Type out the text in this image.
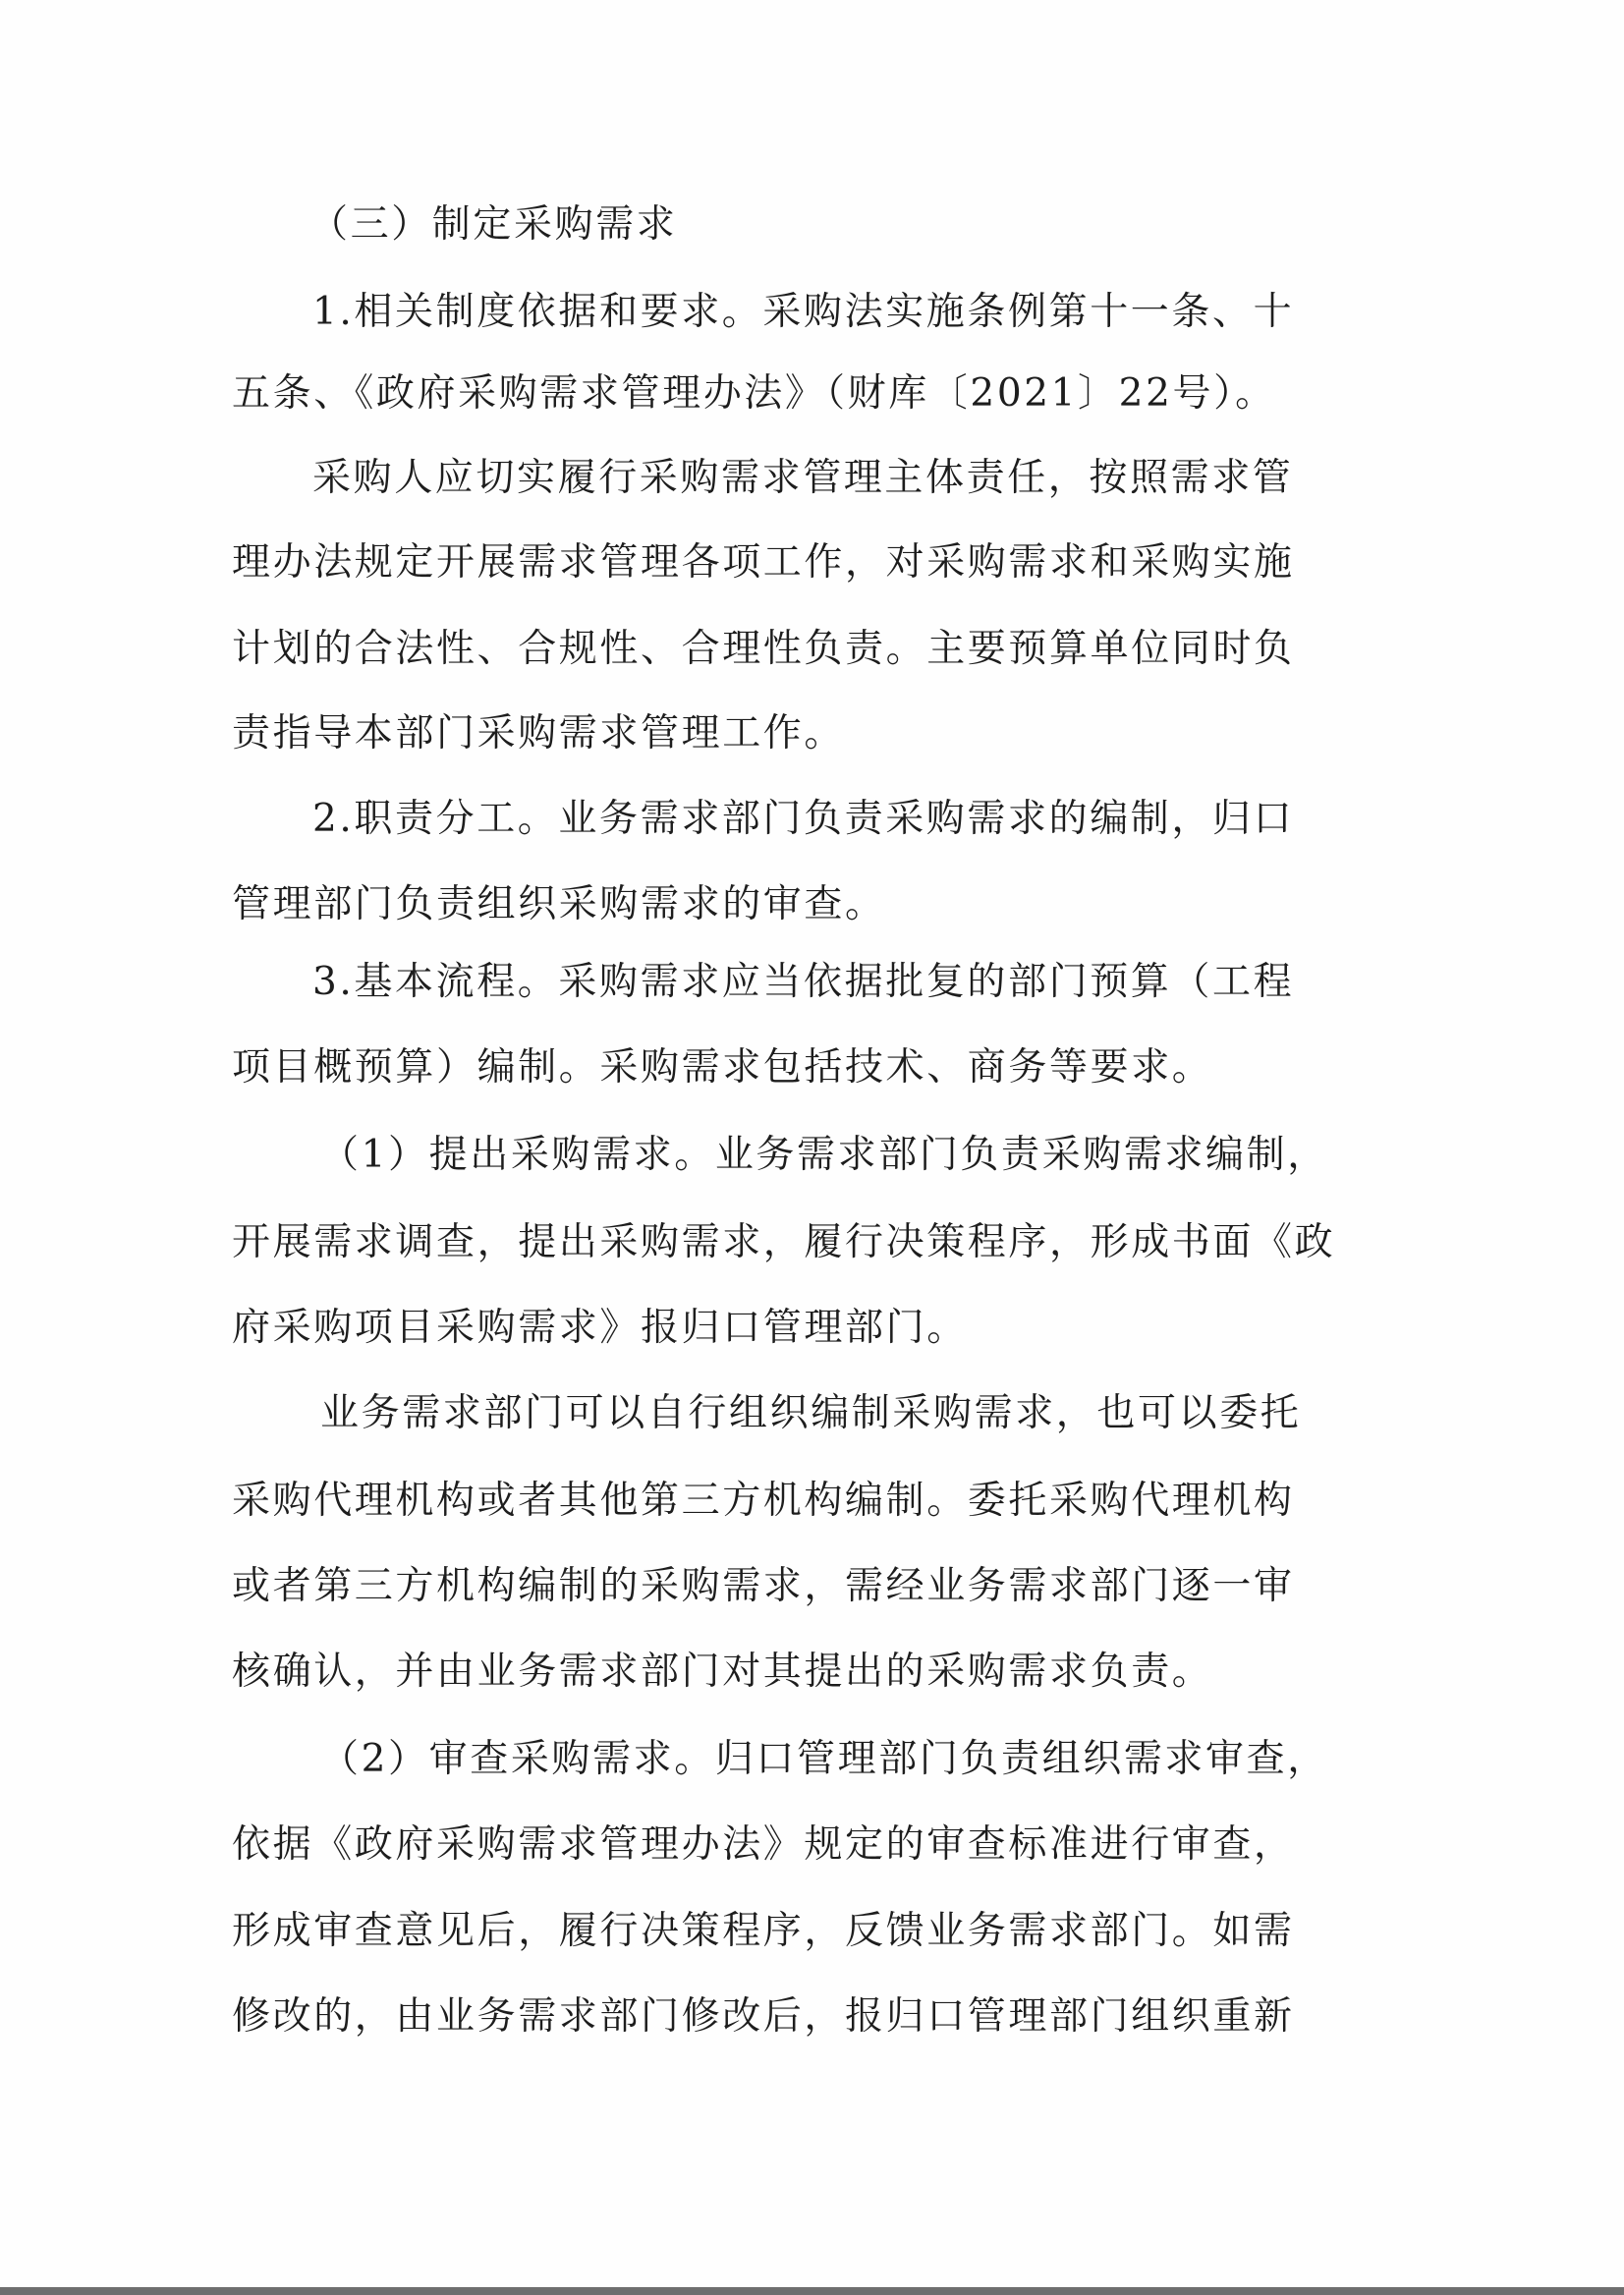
（三）制定采购需求
1.相关制度依据和要求。采购法实施条例第十一条、十
五条、《政府采购需求管理办法》（财库〔2021〕22号）。
采购人应切实履行采购需求管理主体责任，按照需求管
理办法规定开展需求管理各项工作，对采购需求和采购实施
计划的合法性、合规性、合理性负责。主要预算单位同时负
责指导本部门采购需求管理工作。
2.职责分工。业务需求部门负责采购需求的编制，归口
管理部门负责组织采购需求的审查。
3.基本流程。采购需求应当依据批复的部门预算（工程
项目概预算）编制。采购需求包括技术、商务等要求。
（1）提出采购需求。业务需求部门负责采购需求编制，
开展需求调查，提出采购需求，履行决策程序，形成书面《政
府采购项目采购需求》报归口管理部门。
业务需求部门可以自行组织编制采购需求，也可以委托
采购代理机构或者其他第三方机构编制。委托采购代理机构
或者第三方机构编制的采购需求，需经业务需求部门逐一审
核确认，并由业务需求部门对其提出的采购需求负责。
（2）审查采购需求。归口管理部门负责组织需求审查，
依据《政府采购需求管理办法》规定的审查标准进行审查，
形成审查意见后，履行决策程序，反馈业务需求部门。如需
修改的，由业务需求部门修改后，报归口管理部门组织重新
